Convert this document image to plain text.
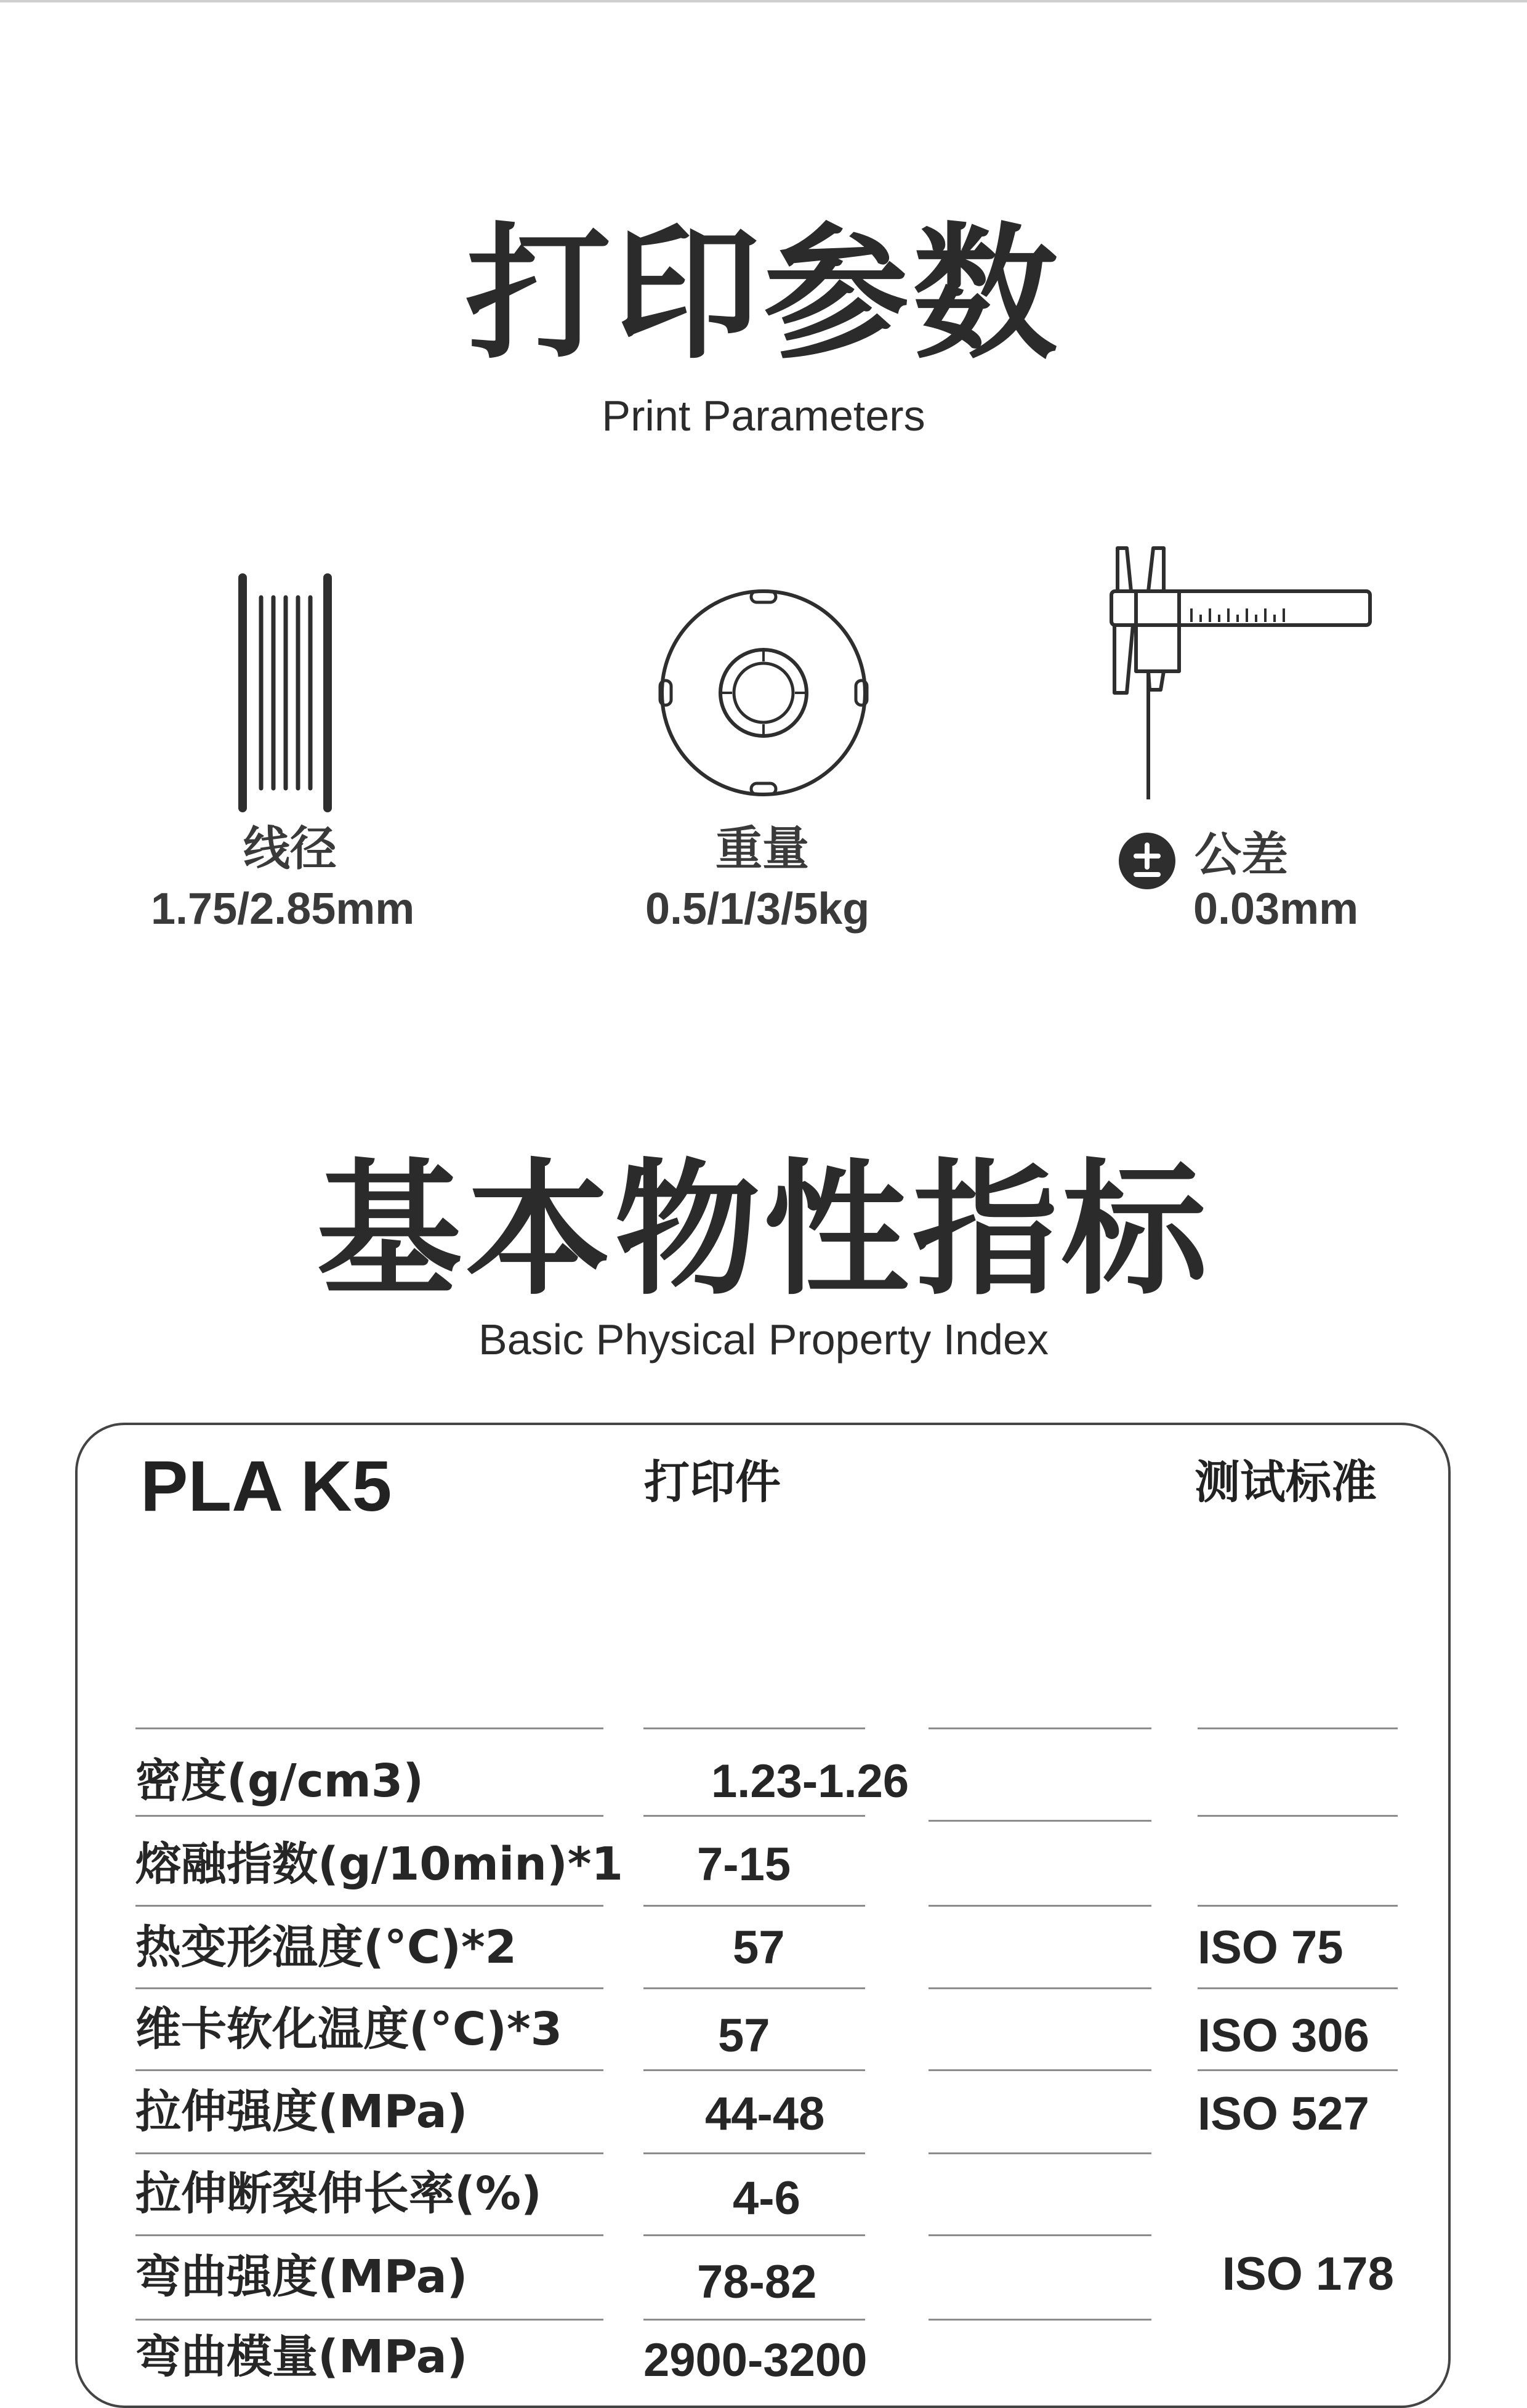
打印参数
Print Parameters
线径
1.75/2.85mm
重量
0.5/1/3/5kg
公差
0.03mm
基本物性指标
Basic Physical Property Index
PLA K5	打印件	测试标准
密度(g/cm3)	1.23-1.26
熔融指数(g/10min)*1 7-15
热变形温度(°C)*2	57	ISO 75
维卡软化温度(°C)*3	57	ISO 306
拉伸强度(MPa)	44-48	ISO 527
拉伸断裂伸长率(%)	4-6
弯曲强度(MPa)	78-82	ISO 178
弯曲模量(MPa)	2900-3200
